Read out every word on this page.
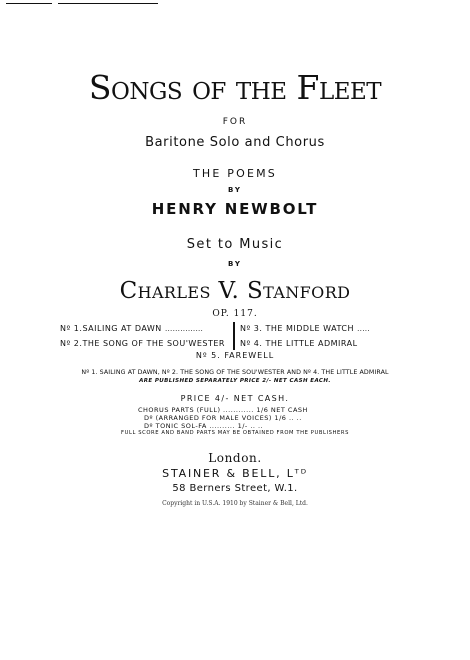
Songs of the Fleet
FOR
Baritone Solo and Chorus
THE POEMS
BY
HENRY NEWBOLT
Set to Music
BY
Charles V. Stanford
OP. 117.
Nº 1.SAILING AT DAWN ...............
Nº 2.THE SONG OF THE SOU'WESTER
Nº 3. THE MIDDLE WATCH .....
Nº 4. THE LITTLE ADMIRAL
Nº 5. FAREWELL
Nº 1. SAILING AT DAWN, Nº 2. THE SONG OF THE SOU'WESTER AND Nº 4. THE LITTLE ADMIRAL
ARE PUBLISHED SEPARATELY PRICE 2/- NET CASH EACH.
PRICE 4/- NET CASH.
CHORUS PARTS (FULL) ............ 1/6 NET CASH
Dº (ARRANGED FOR MALE VOICES) 1/6 .. ..
Dº TONIC SOL-FA .......... 1/- .. ..
FULL SCORE AND BAND PARTS MAY BE OBTAINED FROM THE PUBLISHERS
London.
STAINER & BELL, Lᵀᴰ
58 Berners Street, W.1.
Copyright in U.S.A. 1910 by Stainer & Bell, Ltd.
